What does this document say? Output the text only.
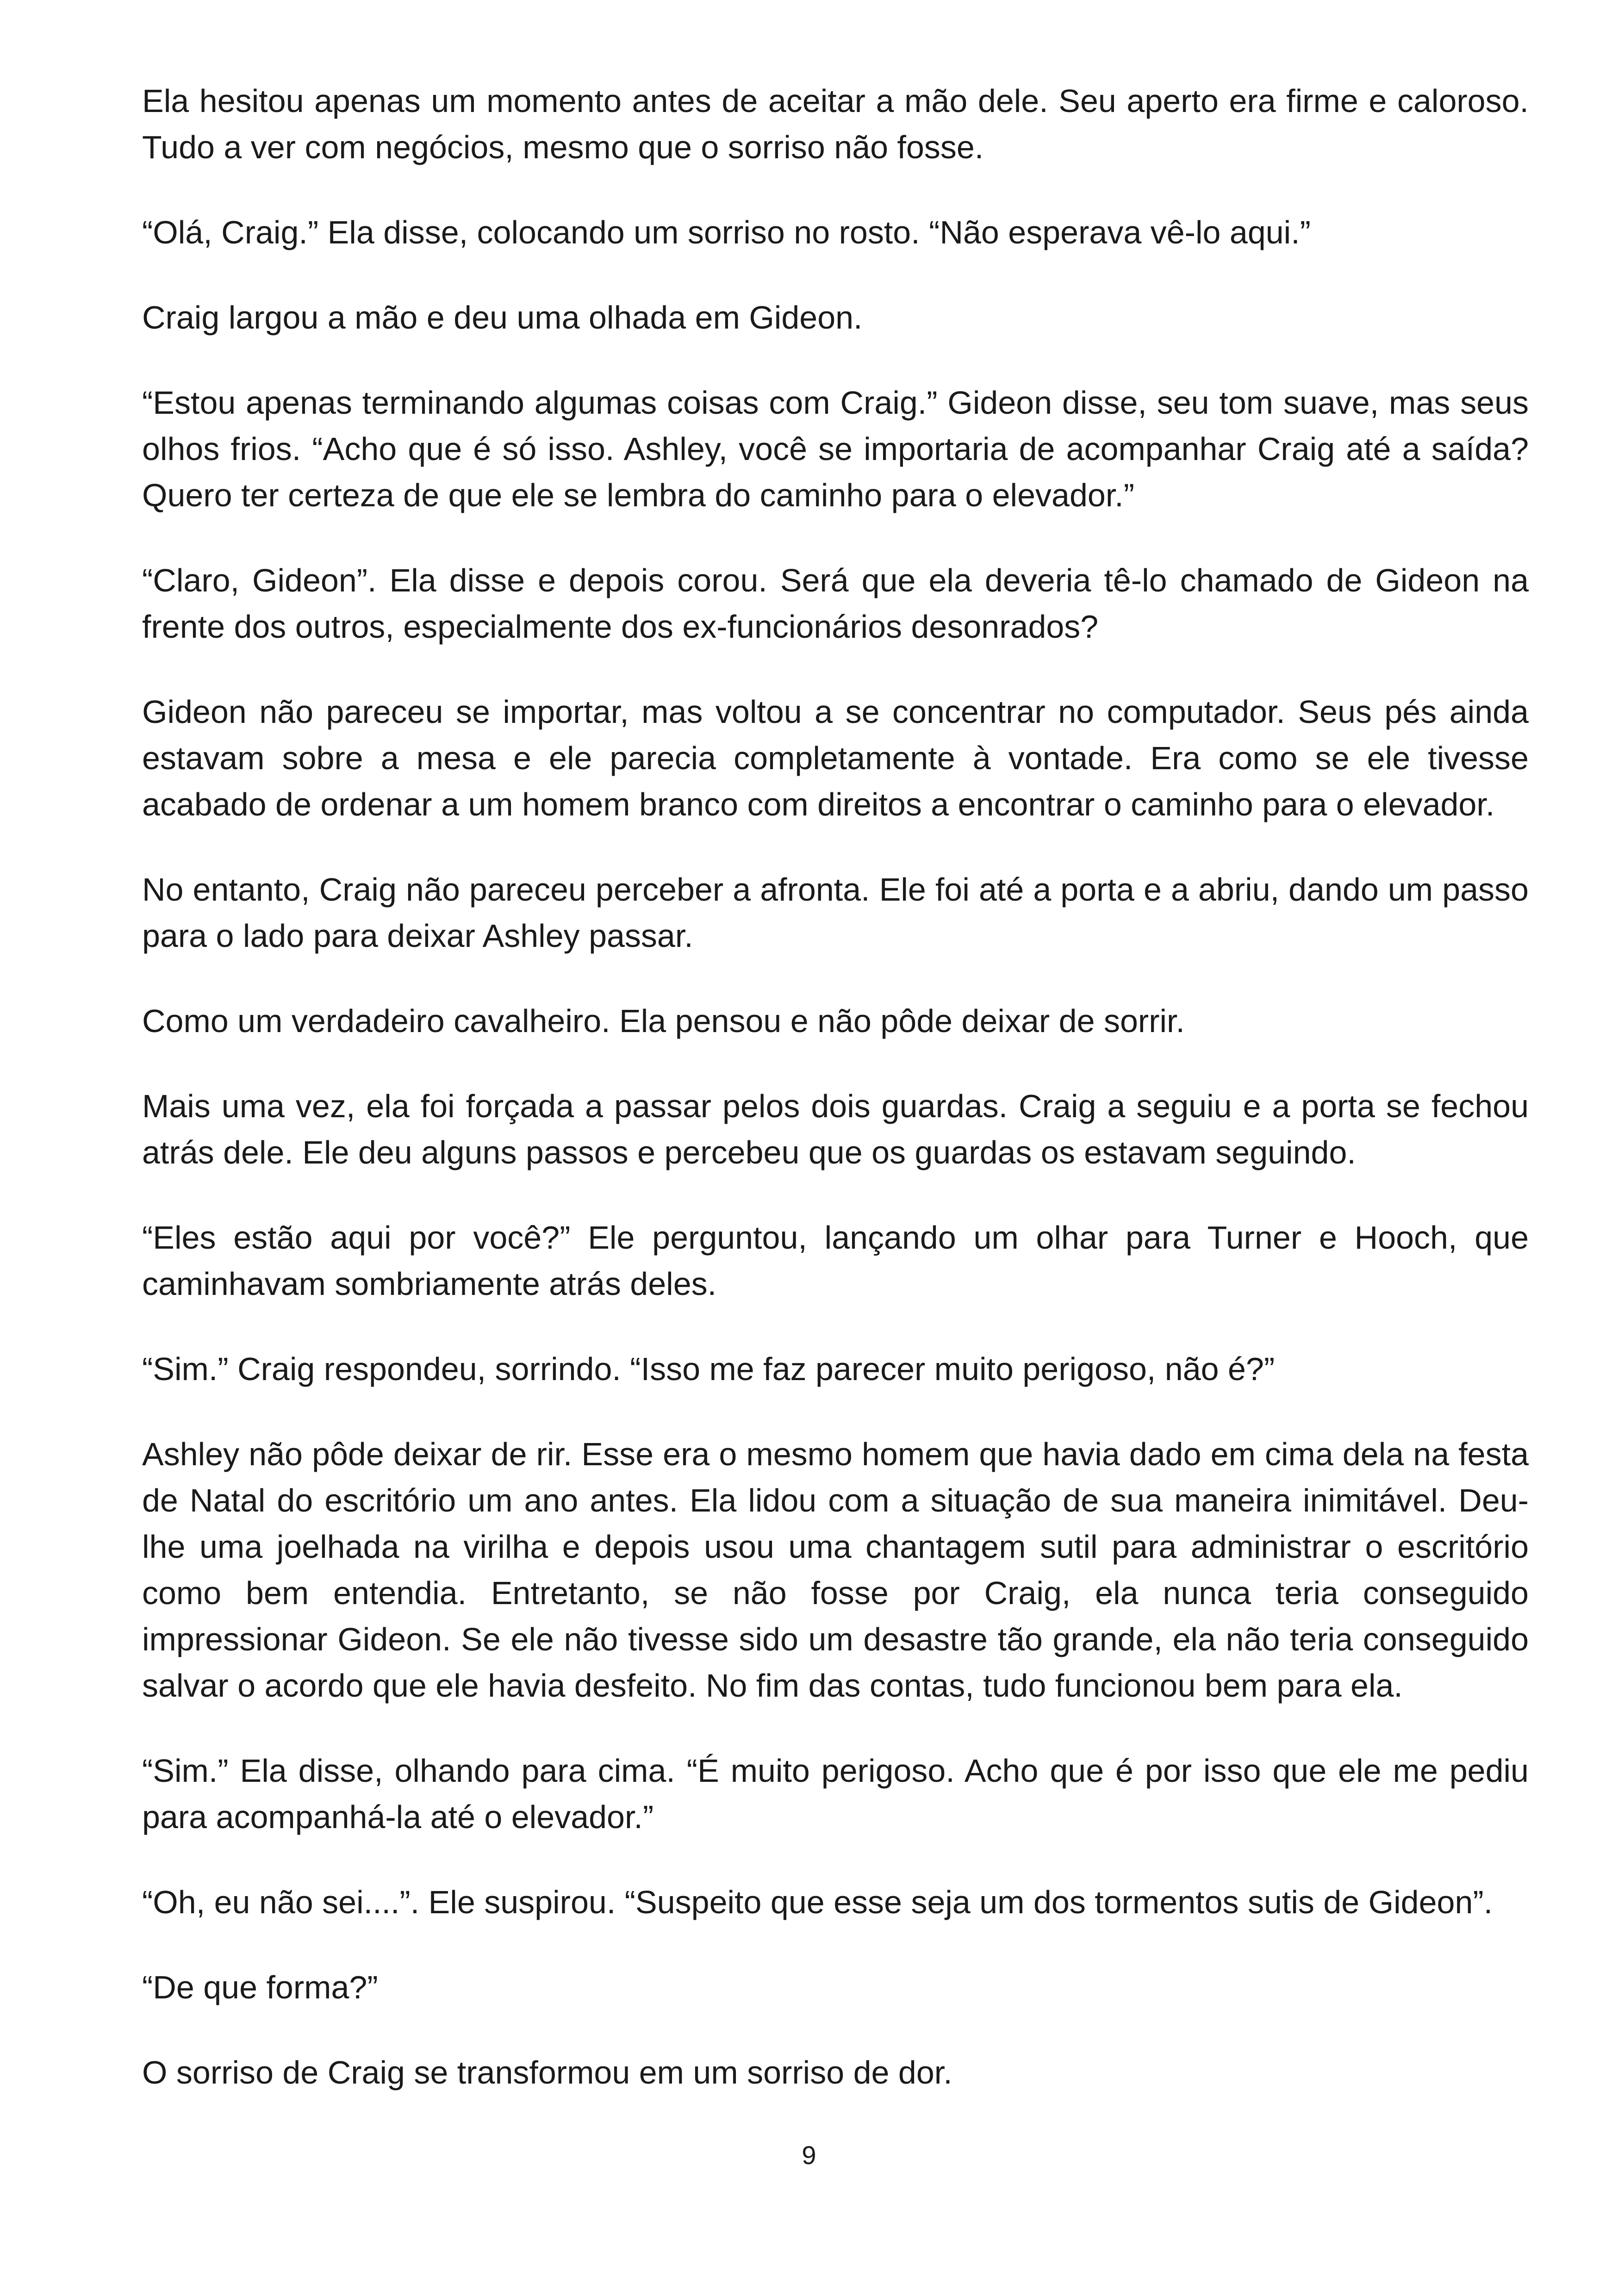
Ela hesitou apenas um momento antes de aceitar a mão dele. Seu aperto era firme e caloroso. Tudo a ver com negócios, mesmo que o sorriso não fosse.

“Olá, Craig.” Ela disse, colocando um sorriso no rosto. “Não esperava vê-lo aqui.”

Craig largou a mão e deu uma olhada em Gideon.

“Estou apenas terminando algumas coisas com Craig.” Gideon disse, seu tom suave, mas seus olhos frios. “Acho que é só isso. Ashley, você se importaria de acompanhar Craig até a saída? Quero ter certeza de que ele se lembra do caminho para o elevador.”

“Claro, Gideon”. Ela disse e depois corou. Será que ela deveria tê-lo chamado de Gideon na frente dos outros, especialmente dos ex-funcionários desonrados?

Gideon não pareceu se importar, mas voltou a se concentrar no computador. Seus pés ainda estavam sobre a mesa e ele parecia completamente à vontade. Era como se ele tivesse acabado de ordenar a um homem branco com direitos a encontrar o caminho para o elevador.

No entanto, Craig não pareceu perceber a afronta. Ele foi até a porta e a abriu, dando um passo para o lado para deixar Ashley passar.

Como um verdadeiro cavalheiro. Ela pensou e não pôde deixar de sorrir.

Mais uma vez, ela foi forçada a passar pelos dois guardas. Craig a seguiu e a porta se fechou atrás dele. Ele deu alguns passos e percebeu que os guardas os estavam seguindo.

“Eles estão aqui por você?” Ele perguntou, lançando um olhar para Turner e Hooch, que caminhavam sombriamente atrás deles.

“Sim.” Craig respondeu, sorrindo. “Isso me faz parecer muito perigoso, não é?”

Ashley não pôde deixar de rir. Esse era o mesmo homem que havia dado em cima dela na festa de Natal do escritório um ano antes. Ela lidou com a situação de sua maneira inimitável. Deu-lhe uma joelhada na virilha e depois usou uma chantagem sutil para administrar o escritório como bem entendia. Entretanto, se não fosse por Craig, ela nunca teria conseguido impressionar Gideon. Se ele não tivesse sido um desastre tão grande, ela não teria conseguido salvar o acordo que ele havia desfeito. No fim das contas, tudo funcionou bem para ela.

“Sim.” Ela disse, olhando para cima. “É muito perigoso. Acho que é por isso que ele me pediu para acompanhá-la até o elevador.”

“Oh, eu não sei....”. Ele suspirou. “Suspeito que esse seja um dos tormentos sutis de Gideon”.

“De que forma?”

O sorriso de Craig se transformou em um sorriso de dor.

9
